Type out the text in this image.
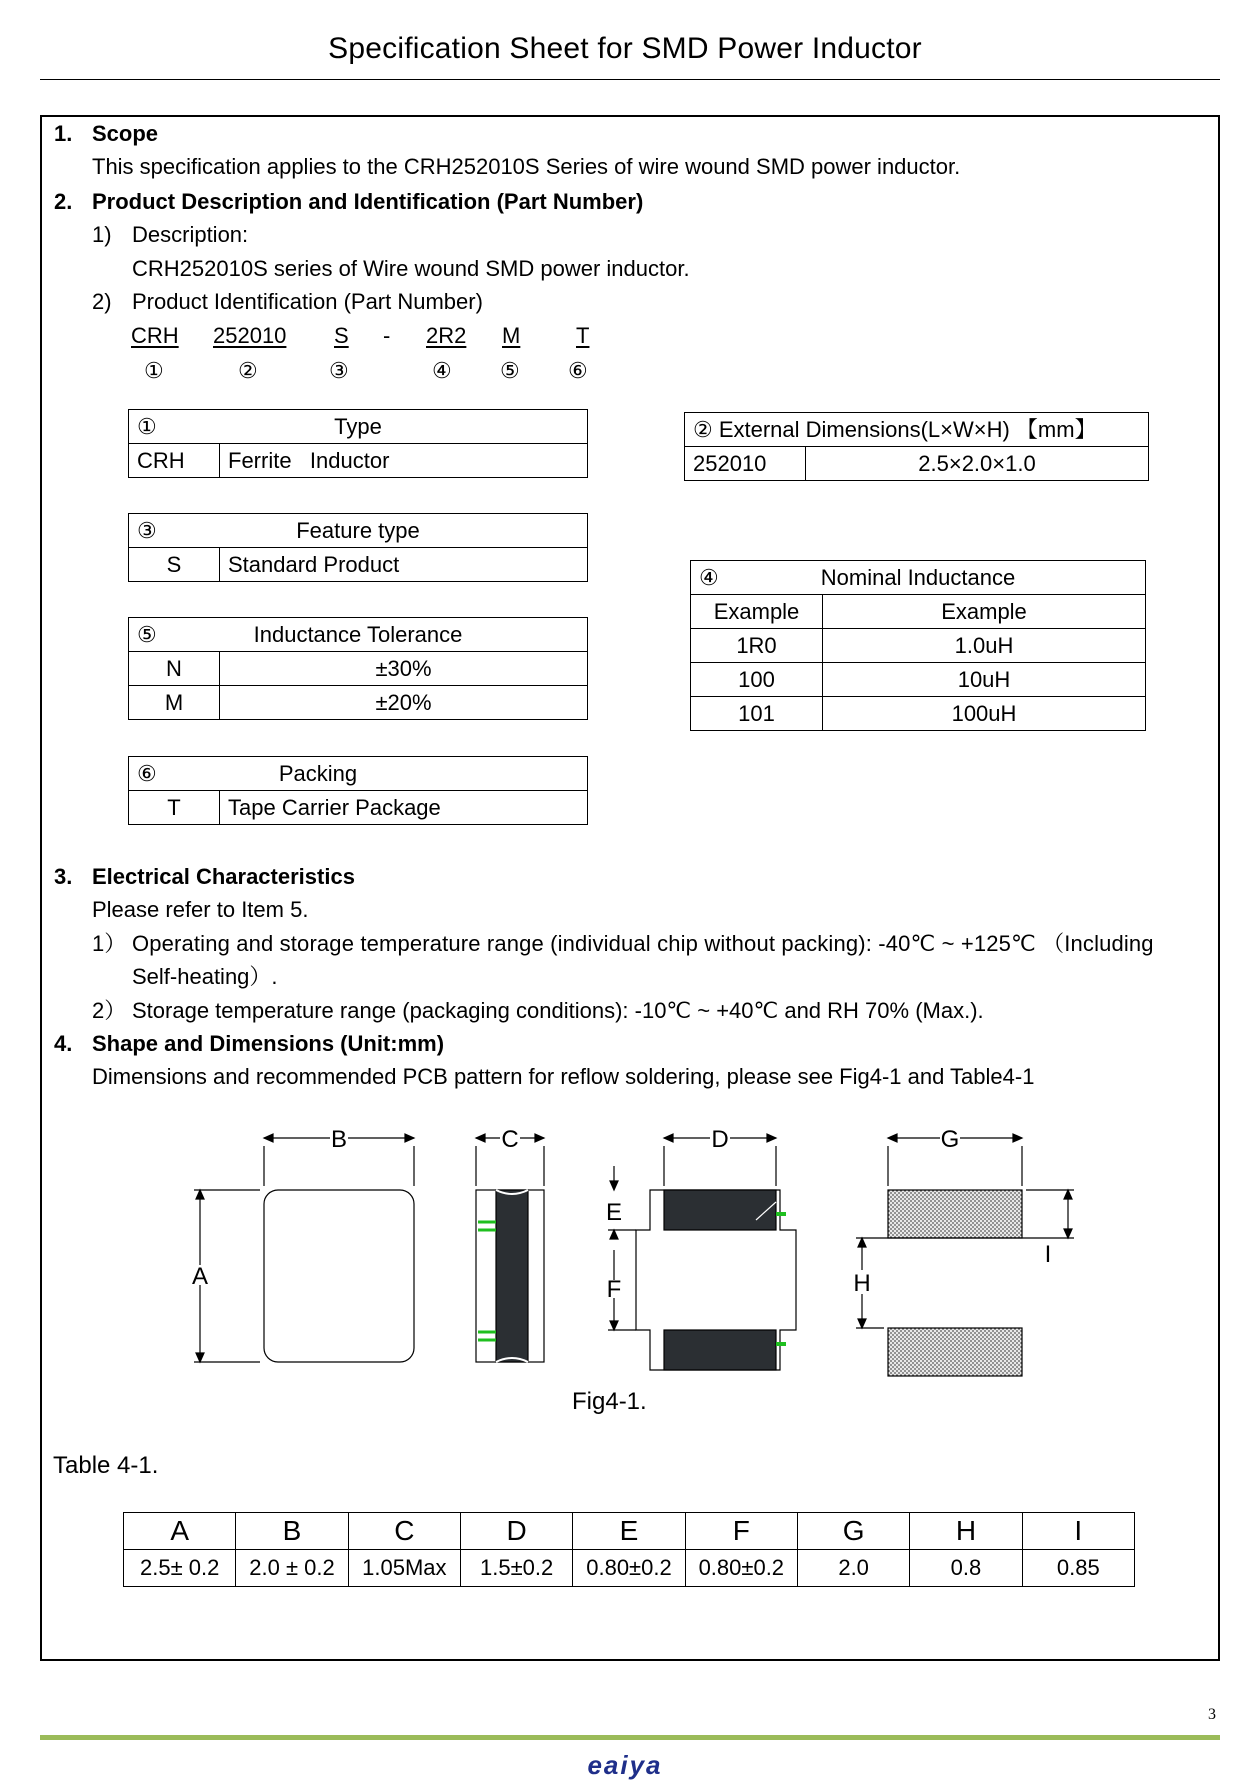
Specification Sheet for SMD Power Inductor
1. Scope
This specification applies to the CRH252010S Series of wire wound SMD power inductor.
2. Product Description and Identification (Part Number)
1) Description:
CRH252010S series of Wire wound SMD power inductor.
2) Product Identification (Part Number)
CRH 252010 S - 2R2 M	T
①	②	③	④ ⑤ ⑥
①	Type
CRH	Ferrite   Inductor
③	Feature type
S	Standard Product
⑤ Inductance Tolerance	
N	±30%
M	±20%
⑥	Packing
T	Tape Carrier Package
② External Dimensions(L×W×H) 【mm】
252010	2.5×2.0×1.0
④ Nominal Inductance	
Example	Example
1R0	1.0uH
100	10uH
101	100uH
3. Electrical Characteristics
Please refer to Item 5.
1） Operating and storage temperature range (individual chip without packing): -40℃ ~ +125℃ （Including
Self-heating）.
2） Storage temperature range (packaging conditions): -10℃ ~ +40℃ and RH 70% (Max.).
4. Shape and Dimensions (Unit:mm)
Dimensions and recommended PCB pattern for reflow soldering, please see Fig4-1 and Table4-1
B
A
C	D
E
F
G
H
I
Fig4-1.
Table 4-1.
A	B	C	D	E	F	G	H	I
2.5± 0.2	2.0 ± 0.2	1.05Max	1.5±0.2	0.80±0.2	0.80±0.2	2.0	0.8	0.85
3
eaiya
